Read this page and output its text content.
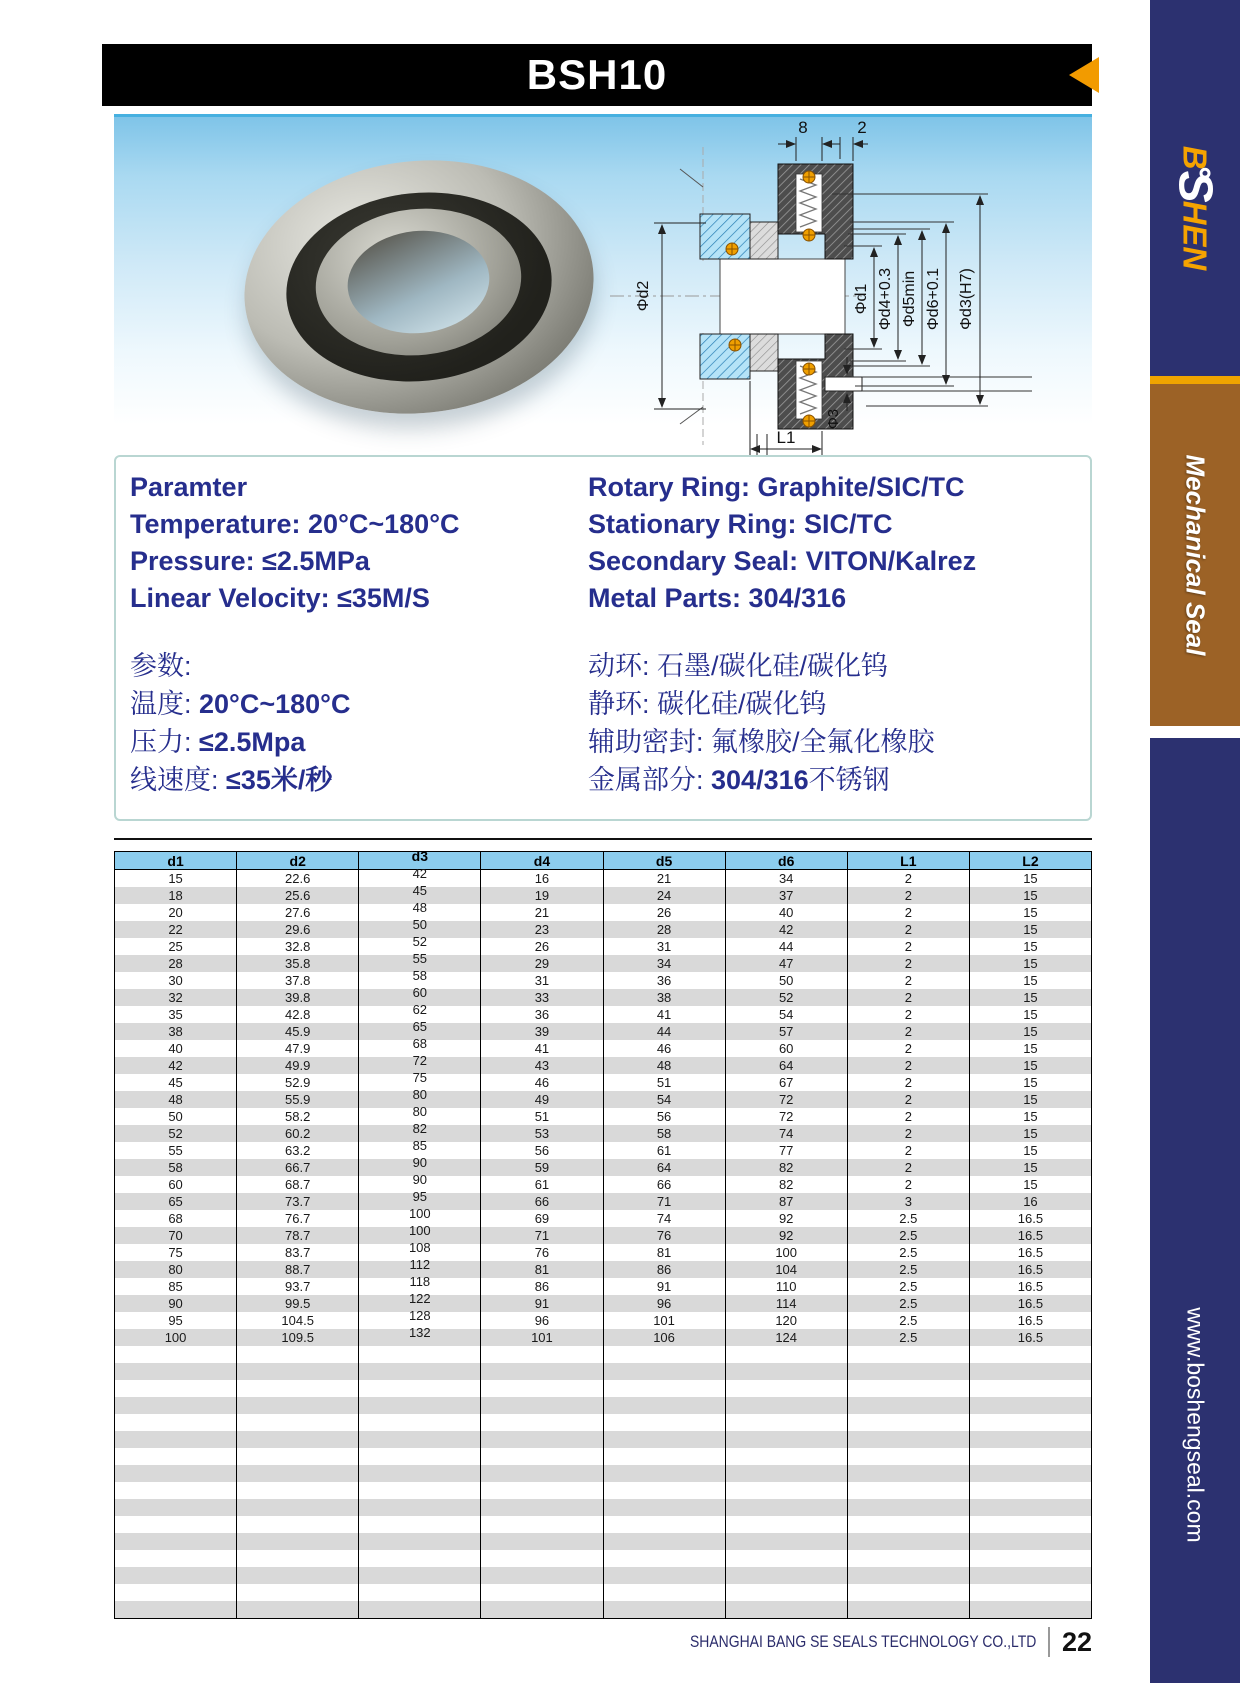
BSH10
8	2
Φd2	Φd1 Φd4+0.3 Φd5min Φd6+0.1 Φd3(H7)
Φ3
L1
Paramter
Temperature: 20°C~180°C
Pressure: ≤2.5MPa
Linear Velocity: ≤35M/S
参数:
温度: 20°C~180°C
压力: ≤2.5Mpa
线速度: ≤35米/秒
Rotary Ring: Graphite/SIC/TC
Stationary Ring: SIC/TC
Secondary Seal: VITON/Kalrez
Metal Parts: 304/316
动环: 石墨/碳化硅/碳化钨
静环: 碳化硅/碳化钨
辅助密封: 氟橡胶/全氟化橡胶
金属部分: 304/316不锈钢
d1	d2	d3	d4	d5	d6	L1	L2
15	22.6	42	16	21	34	2	15
18	25.6	45	19	24	37	2	15
20	27.6	48	21	26	40	2	15
22	29.6	50	23	28	42	2	15
25	32.8	52	26	31	44	2	15
28	35.8	55	29	34	47	2	15
30	37.8	58	31	36	50	2	15
32	39.8	60	33	38	52	2	15
35	42.8	62	36	41	54	2	15
38	45.9	65	39	44	57	2	15
40	47.9	68	41	46	60	2	15
42	49.9	72	43	48	64	2	15
45	52.9	75	46	51	67	2	15
48	55.9	80	49	54	72	2	15
50	58.2	80	51	56	72	2	15
52	60.2	82	53	58	74	2	15
55	63.2	85	56	61	77	2	15
58	66.7	90	59	64	82	2	15
60	68.7	90	61	66	82	2	15
65	73.7	95	66	71	87	3	16
68	76.7	100	69	74	92	2.5	16.5
70	78.7	100	71	76	92	2.5	16.5
75	83.7	108	76	81	100	2.5	16.5
80	88.7	112	81	86	104	2.5	16.5
85	93.7	118	86	91	110	2.5	16.5
90	99.5	122	91	96	114	2.5	16.5
95	104.5	128	96	101	120	2.5	16.5
100	109.5	132	101	106	124	2.5	16.5

SHANGHAI BANG SE SEALS TECHNOLOGY CO.,LTD 22
B
S
HEN
Mechanical Seal
www.boshengseal.com
